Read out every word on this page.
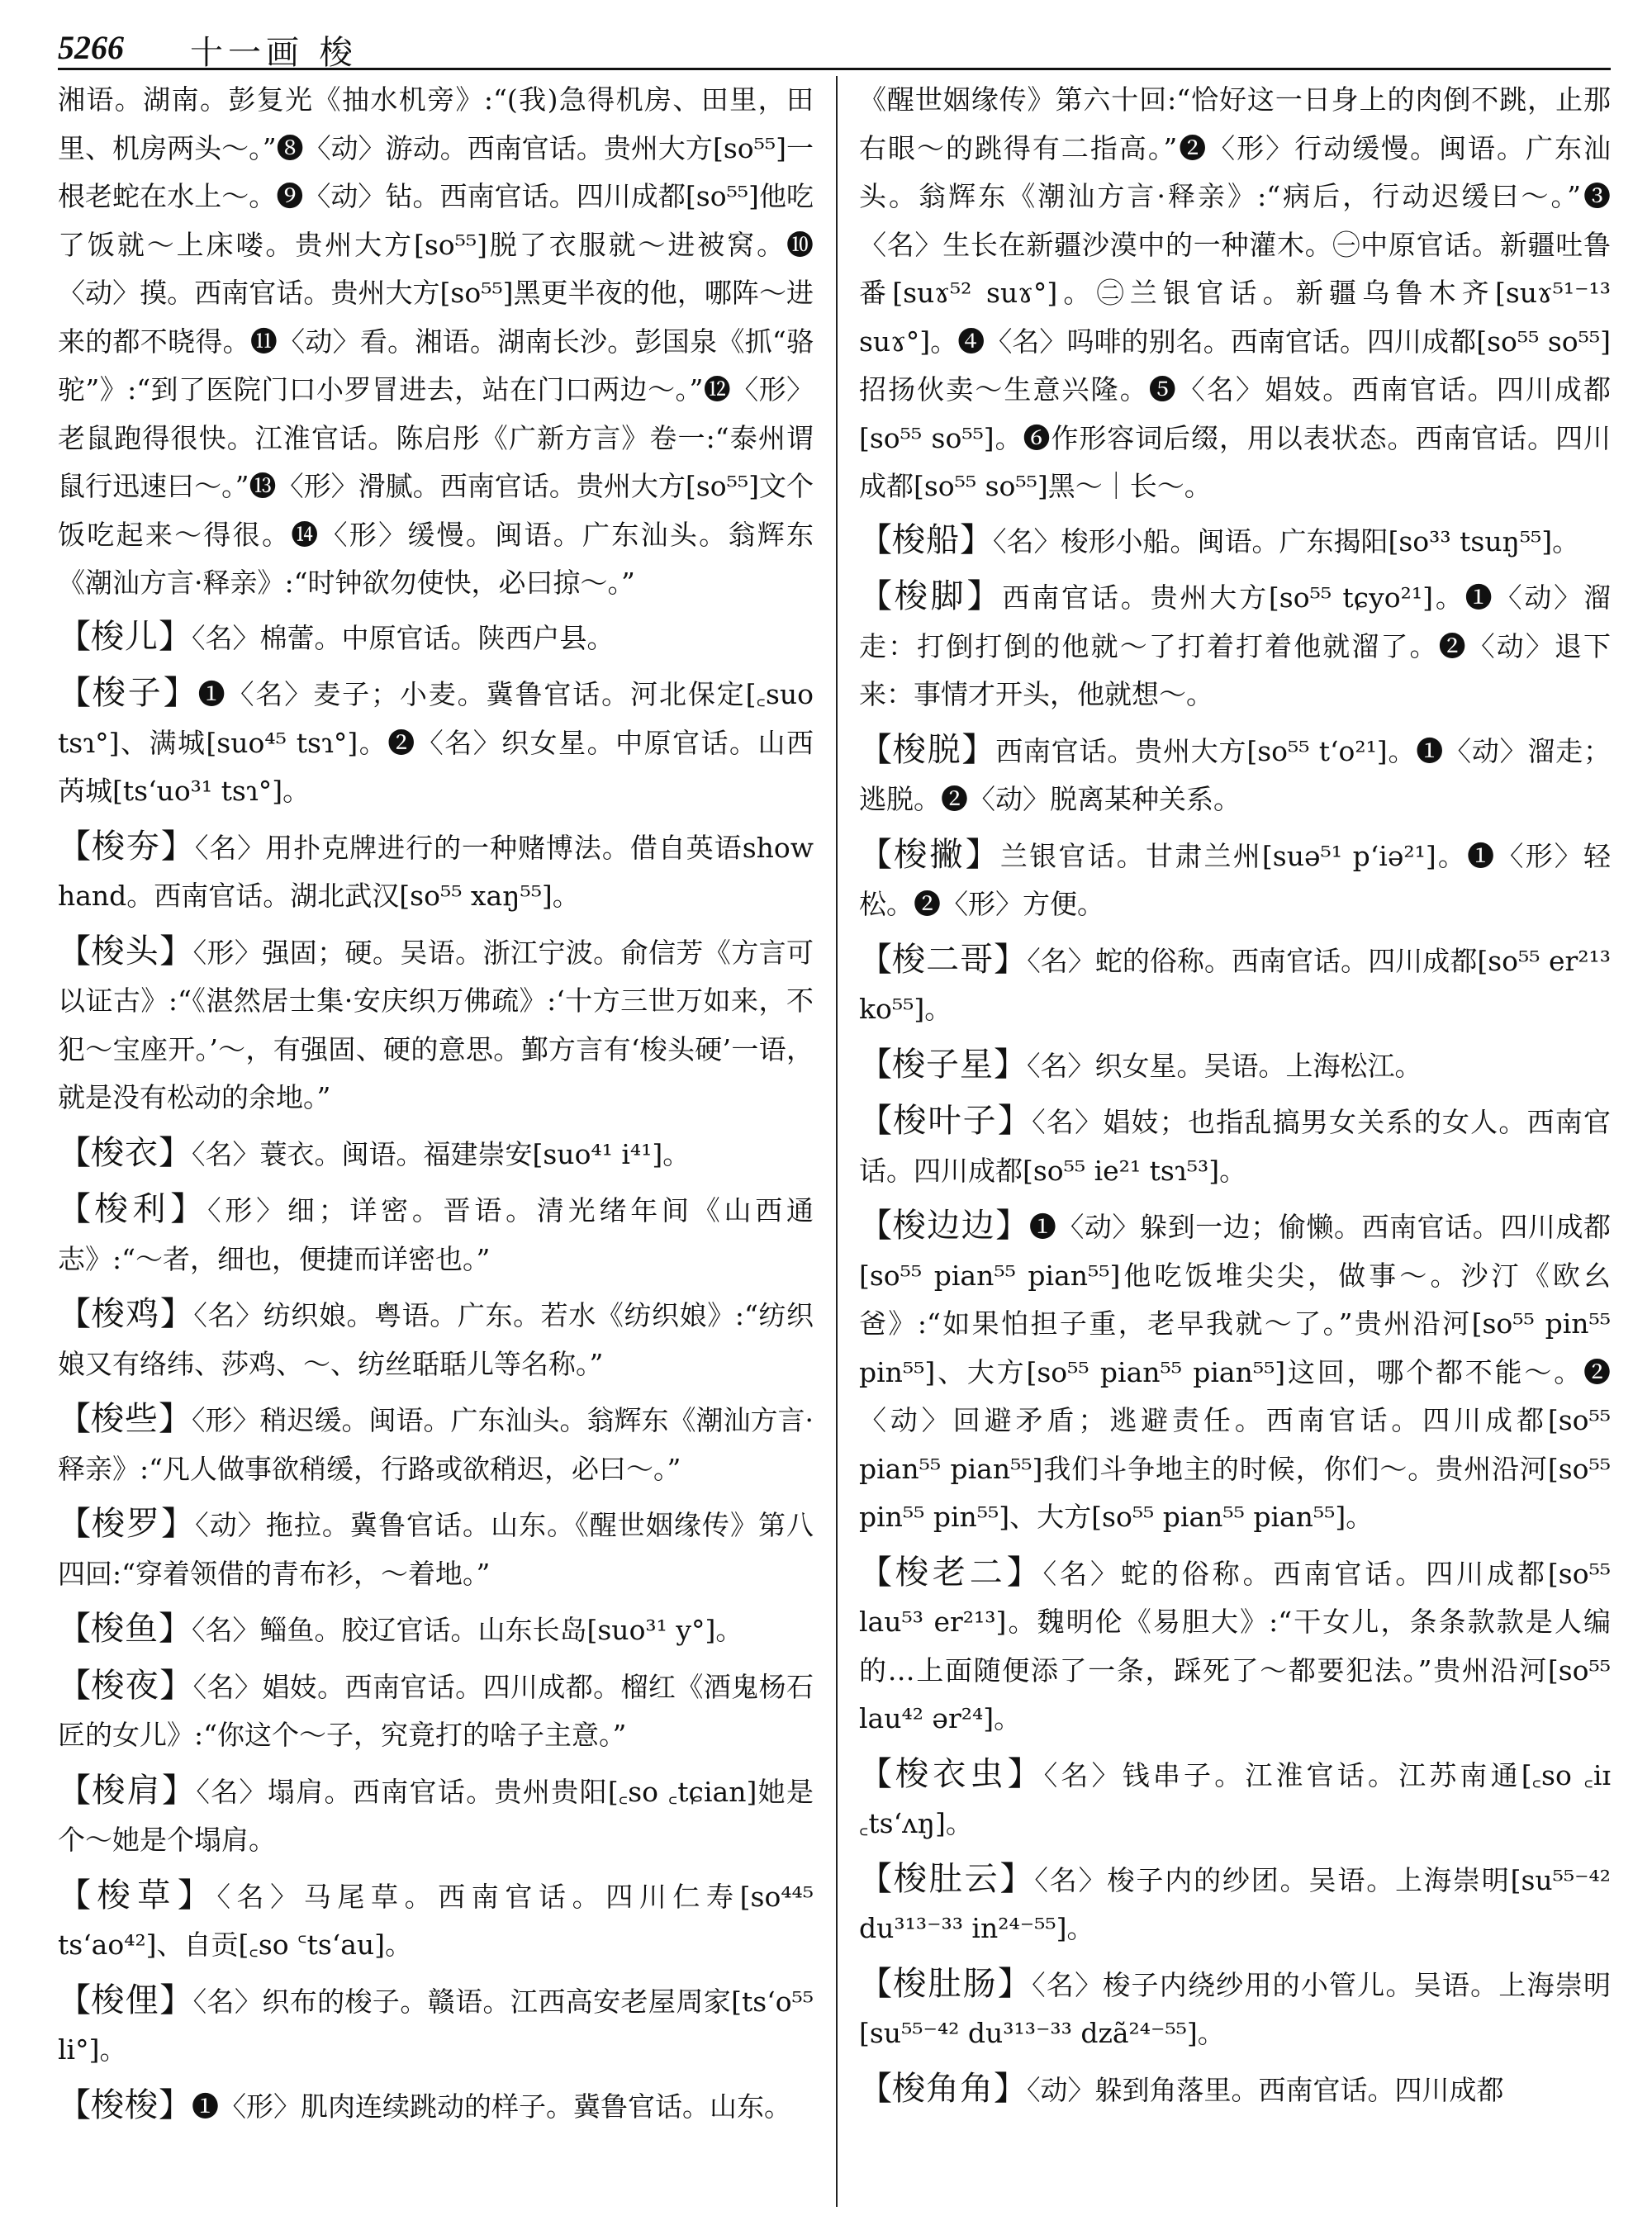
5266 十一画 梭

湘语。湖南。彭复光《抽水机旁》:“(我)急得机房、田里，田里、机房两头～。”❽〈动〉游动。西南官话。贵州大方[so⁵⁵]一根老蛇在水上～。❾〈动〉钻。西南官话。四川成都[so⁵⁵]他吃了饭就～上床喽。贵州大方[so⁵⁵]脱了衣服就～进被窝。❿〈动〉摸。西南官话。贵州大方[so⁵⁵]黑更半夜的他，哪阵～进来的都不晓得。⓫〈动〉看。湘语。湖南长沙。彭国泉《抓“骆驼”》:“到了医院门口小罗冒进去，站在门口两边～。”⓬〈形〉老鼠跑得很快。江淮官话。陈启彤《广新方言》卷一:“泰州谓鼠行迅速曰～。”⓭〈形〉滑腻。西南官话。贵州大方[so⁵⁵]文个饭吃起来～得很。⓮〈形〉缓慢。闽语。广东汕头。翁辉东《潮汕方言·释亲》:“时钟欲勿使快，必曰掠～。”

【梭儿】〈名〉棉蕾。中原官话。陕西户县。

【梭子】❶〈名〉麦子；小麦。冀鲁官话。河北保定[꜀suo tsɿ°]、满城[suo⁴⁵ tsɿ°]。❷〈名〉织女星。中原官话。山西芮城[ts‘uo³¹ tsɿ°]。

【梭夯】〈名〉用扑克牌进行的一种赌博法。借自英语show hand。西南官话。湖北武汉[so⁵⁵ xaŋ⁵⁵]。

【梭头】〈形〉强固；硬。吴语。浙江宁波。俞信芳《方言可以证古》:“《湛然居士集·安庆织万佛疏》:‘十方三世万如来，不犯～宝座开。’～，有强固、硬的意思。鄞方言有‘梭头硬’一语，就是没有松动的余地。”

【梭衣】〈名〉蓑衣。闽语。福建崇安[suo⁴¹ i⁴¹]。

【梭利】〈形〉细；详密。晋语。清光绪年间《山西通志》:“～者，细也，便捷而详密也。”

【梭鸡】〈名〉纺织娘。粤语。广东。若水《纺织娘》:“纺织娘又有络纬、莎鸡、～、纺丝聒聒儿等名称。”

【梭些】〈形〉稍迟缓。闽语。广东汕头。翁辉东《潮汕方言·释亲》:“凡人做事欲稍缓，行路或欲稍迟，必曰～。”

【梭罗】〈动〉拖拉。冀鲁官话。山东。《醒世姻缘传》第八四回:“穿着领借的青布衫，～着地。”

【梭鱼】〈名〉鲻鱼。胶辽官话。山东长岛[suo³¹ y°]。

【梭夜】〈名〉娼妓。西南官话。四川成都。榴红《酒鬼杨石匠的女儿》:“你这个～子，究竟打的啥子主意。”

【梭肩】〈名〉塌肩。西南官话。贵州贵阳[꜀so ꜀tɕian]她是个～她是个塌肩。

【梭草】〈名〉马尾草。西南官话。四川仁寿[so⁴⁴⁵ ts‘ao⁴²]、自贡[꜀so ꜂ts‘au]。

【梭俚】〈名〉织布的梭子。赣语。江西高安老屋周家[ts‘o⁵⁵ li°]。

【梭梭】❶〈形〉肌肉连续跳动的样子。冀鲁官话。山东。

《醒世姻缘传》第六十回:“恰好这一日身上的肉倒不跳，止那右眼～的跳得有二指高。”❷〈形〉行动缓慢。闽语。广东汕头。翁辉东《潮汕方言·释亲》:“病后，行动迟缓曰～。”❸〈名〉生长在新疆沙漠中的一种灌木。㊀中原官话。新疆吐鲁番[suɤ⁵² suɤ°]。㊁兰银官话。新疆乌鲁木齐[suɤ⁵¹⁻¹³ suɤ°]。❹〈名〉吗啡的别名。西南官话。四川成都[so⁵⁵ so⁵⁵]招扬伙卖～生意兴隆。❺〈名〉娼妓。西南官话。四川成都[so⁵⁵ so⁵⁵]。❻作形容词后缀，用以表状态。西南官话。四川成都[so⁵⁵ so⁵⁵]黑～｜长～。

【梭船】〈名〉梭形小船。闽语。广东揭阳[so³³ tsuŋ⁵⁵]。

【梭脚】西南官话。贵州大方[so⁵⁵ tɕyo²¹]。❶〈动〉溜走：打倒打倒的他就～了打着打着他就溜了。❷〈动〉退下来：事情才开头，他就想～。

【梭脱】西南官话。贵州大方[so⁵⁵ t‘o²¹]。❶〈动〉溜走；逃脱。❷〈动〉脱离某种关系。

【梭撇】兰银官话。甘肃兰州[suə⁵¹ p‘iə²¹]。❶〈形〉轻松。❷〈形〉方便。

【梭二哥】〈名〉蛇的俗称。西南官话。四川成都[so⁵⁵ er²¹³ ko⁵⁵]。

【梭子星】〈名〉织女星。吴语。上海松江。

【梭叶子】〈名〉娼妓；也指乱搞男女关系的女人。西南官话。四川成都[so⁵⁵ ie²¹ tsɿ⁵³]。

【梭边边】❶〈动〉躲到一边；偷懒。西南官话。四川成都[so⁵⁵ pian⁵⁵ pian⁵⁵]他吃饭堆尖尖，做事～。沙汀《欧幺爸》:“如果怕担子重，老早我就～了。”贵州沿河[so⁵⁵ pin⁵⁵ pin⁵⁵]、大方[so⁵⁵ pian⁵⁵ pian⁵⁵]这回，哪个都不能～。❷〈动〉回避矛盾；逃避责任。西南官话。四川成都[so⁵⁵ pian⁵⁵ pian⁵⁵]我们斗争地主的时候，你们～。贵州沿河[so⁵⁵ pin⁵⁵ pin⁵⁵]、大方[so⁵⁵ pian⁵⁵ pian⁵⁵]。

【梭老二】〈名〉蛇的俗称。西南官话。四川成都[so⁵⁵ lau⁵³ er²¹³]。魏明伦《易胆大》:“干女儿，条条款款是人编的…上面随便添了一条，踩死了～都要犯法。”贵州沿河[so⁵⁵ lau⁴² ər²⁴]。

【梭衣虫】〈名〉钱串子。江淮官话。江苏南通[꜀so ꜀iɪ ꜀ts‘ʌŋ]。

【梭肚云】〈名〉梭子内的纱团。吴语。上海崇明[su⁵⁵⁻⁴² du³¹³⁻³³ in²⁴⁻⁵⁵]。

【梭肚肠】〈名〉梭子内绕纱用的小管儿。吴语。上海崇明[su⁵⁵⁻⁴² du³¹³⁻³³ dzã²⁴⁻⁵⁵]。

【梭角角】〈动〉躲到角落里。西南官话。四川成都
